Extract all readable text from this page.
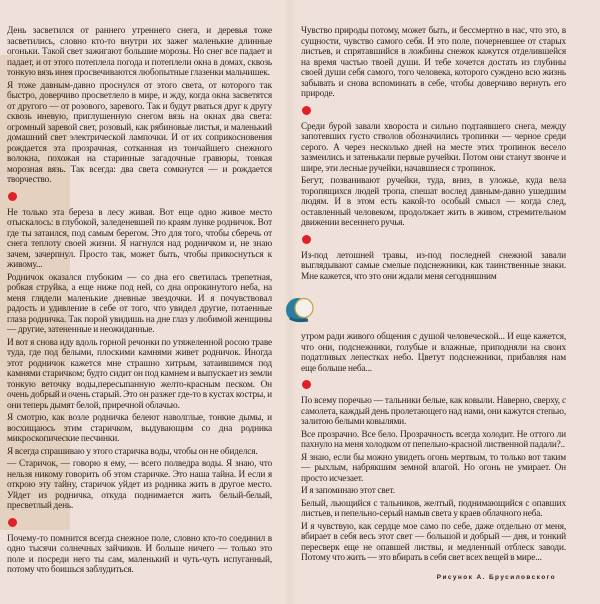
День засветился от раннего утреннего снега, и деревья тоже засветились, словно кто-то внутри их зажег маленькие длинные огоньки. Такой свет зажигают большие морозы. Но снег все падает и падает, и от этого потеплела погода и потеплели окна в домах, сквозь тонкую вязь инея просвечиваются любопытные глазенки мальчишек.

Я тоже давным-давно проснулся от этого света, от которого так быстро, доверчиво просветлело в мире, и жду, когда окна засветятся от другого — от розового, заревого. Так и будут рваться друг к другу сквозь иневую, приглушенную снегом вязь на окнах два света: огромный заревой свет, розовый, как рябиновые листья, и маленький домашний свет электрической лампочки. И от их соприкосновения рождается эта прозрачная, сотканная из тончайшего снежного волокна, похожая на старинные загадочные гравюры, тонкая морозная вязь. Так всегда: два света сомкнутся — и рождается творчество.

Не только эта береза в лесу живая. Вот еще одно живое место отыскалось: в глубокой, заледеневшей по краям лунке родничок. Вот где ты затаился, под самым берегом. Это для того, чтобы сберечь от снега теплоту своей жизни. Я нагнулся над родничком и, не знаю зачем, зачерпнул. Просто так, может быть, чтобы прикоснуться к живому...

Родничок оказался глубоким — со дна его светилась трепетная, робкая струйка, а еще ниже под ней, со дна опрокинутого неба, на меня глядели маленькие дневные звездочки. И я почувствовал радость и удивление в себе от того, что увидел другие, потаенные глаза родничка. Так порой увидишь на дне глаз у любимой женщины — другие, затененные и неожиданные.

И вот я снова иду вдоль горной речонки по утяжеленной росою траве туда, где под белыми, плоскими камнями живет родничок. Иногда этот родничок кажется мне страшно хитрым, затаившимся под камнями старичком; будто сидит он под камнем и выпускает из земли тонкую веточку воды,пересыпанную желто-красным песком. Он очень добрый и очень старый. Это он разжег где-то в кустах костры, и они теперь дымят белой, приречной облачью.

Я смотрю, как возле родничка белеют наволглые, тонкие дымы, и восхищаюсь этим старичком, выдувающим со дна родника микроскопические песчинки.

Я всегда спрашиваю у этого старичка воды, чтобы он не обиделся.

— Старичок, — говорю я ему, — всего полведра воды. Я знаю, что нельзя никому говорить об этом старичке. Это наша тайна. И если я открою эту тайну, старичок уйдет из родника жить в другое место. Уйдет из родничка, откуда поднимается жить белый-белый, пресветлый день.

Почему-то помнится всегда снежное поле, словно кто-то соединил в одно тысячи солнечных зайчиков. И больше ничего — только это поле и посреди него ты сам, маленький и чуть-чуть испуганный, потому что боишься заблудиться.

Чувство природы потому, может быть, и бессмертно в нас, что это, в сущности, чувство самого себя. И это поле, почерневшее от старых листьев, и спрятавшийся в ложбины снежок кажутся отделившейся на время частью твоей души. И тебе хочется достать из глубины своей души себя самого, того человека, которого суждено всю жизнь забывать и снова вспоминать в себе, чтобы доверчиво вернуть его природе.

Среди бурой завали хвороста и сильно подтаявшего снега, между запотевших густо стволов обозначились тропинки — черное среди серого. А через несколько дней на месте этих тропинок весело зазмеились и затенькали первые ручейки. Потом они станут звонче и шире, эти лесные ручейки, начавшиеся с тропинок.

Бегут, позванивают ручейки, туда, вниз, в уложье, куда вела торопящихся людей тропа, спешат вослед давным-давно ушедшим людям. И в этом есть какой-то особый смысл — когда след, оставленный человеком, продолжает жить в живом, стремительном движении весеннего ручья.

Из-под летошней травы, из-под последней снежной завали выглядывают самые смелые подснежники, как таинственные знаки. Мне кажется, что это они ждали меня сегодняшним

утром ради живого общения с душой человеческой... И еще кажется, что они, подснежники, голубые и влажные, приподняли на своих податливых лепестках небо. Цветут подснежники, прибавляя нам еще больше неба...

По всему поречью — тальники белые, как ковыли. Наверно, сверху, с самолета, каждый день пролетающего над нами, они кажутся степью, залитою белыми ковылями.

Все прозрачно. Все бело. Прозрачность всегда холодит. Не оттого ли пахнуло на меня холодком от пепельно-красной лиственной падали?..

Я знаю, если бы можно увидеть огонь мертвым, то только вот таким — рыхлым, набрякшим земной влагой. Но огонь не умирает. Он просто исчезает.

И я запоминаю этот свет.

Белый, льющийся с тальников, желтый, поднимающийся с опавших листьев, и пепельно-серый намыв света у краев облачного неба.

И я чувствую, как сердце мое само по себе, даже отдельно от меня, вбирает в себя весь этот свет — большой и добрый — дня, и тонкий пересверк еще не опавшей листвы, и медленный отблеск заводи. Потому что жить — это вбирать в себя свет всех вещей в мире...

Рисунок А. Брусиловского
